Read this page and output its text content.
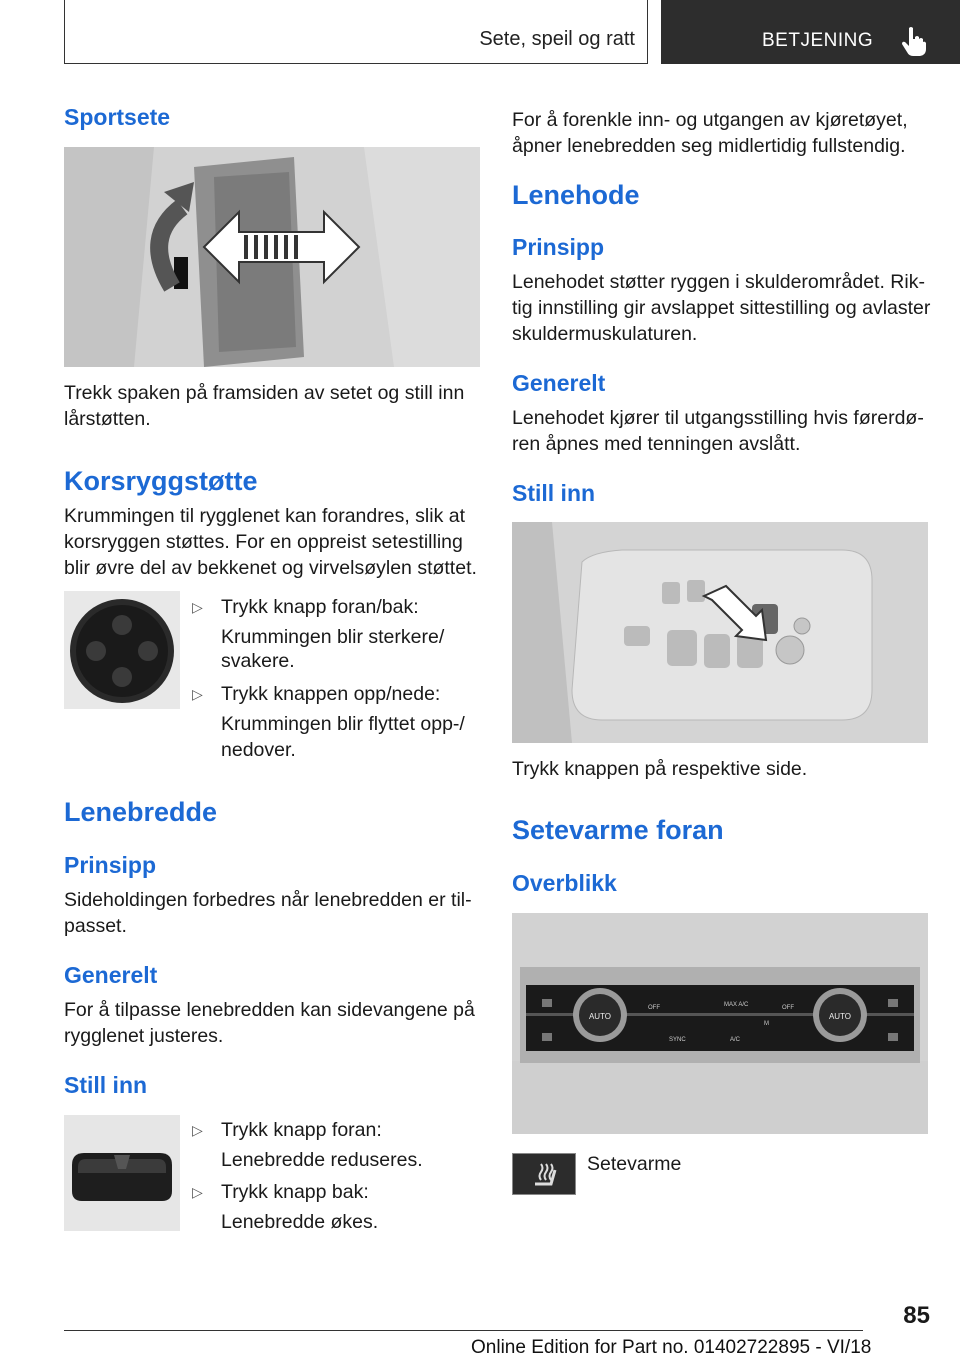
Sete, speil og ratt	BETJENING
Sportsete
Trekk spaken på framsiden av setet og still inn
lårstøtten.
Korsryggstøtte
Krummingen til rygglenet kan forandres, slik at
korsryggen støttes. For en oppreist setestilling
blir øvre del av bekkenet og virvelsøylen støttet.
▷ Trykk knapp foran/bak:
Krummingen blir sterkere/
svakere.
▷ Trykk knappen opp/nede:
Krummingen blir flyttet opp-/
nedover.
Lenebredde
Prinsipp
Sideholdingen forbedres når lenebredden er til-
passet.
Generelt
For å tilpasse lenebredden kan sidevangene på
rygglenet justeres.
Still inn
▷ Trykk knapp foran:
Lenebredde reduseres.
▷ Trykk knapp bak:
Lenebredde økes.
For å forenkle inn- og utgangen av kjøretøyet,
åpner lenebredden seg midlertidig fullstendig.
Lenehode
Prinsipp
Lenehodet støtter ryggen i skulderområdet. Rik-
tig innstilling gir avslappet sittestilling og avlaster
skuldermuskulaturen.
Generelt
Lenehodet kjører til utgangsstilling hvis førerdø-
ren åpnes med tenningen avslått.
Still inn
Trykk knappen på respektive side.
Setevarme foran
Overblikk
AUTO	AUTO
OFF	OFF
MAX A/C
SYNC	A/C
M
Setevarme
85
Online Edition for Part no. 01402722895 - VI/18
